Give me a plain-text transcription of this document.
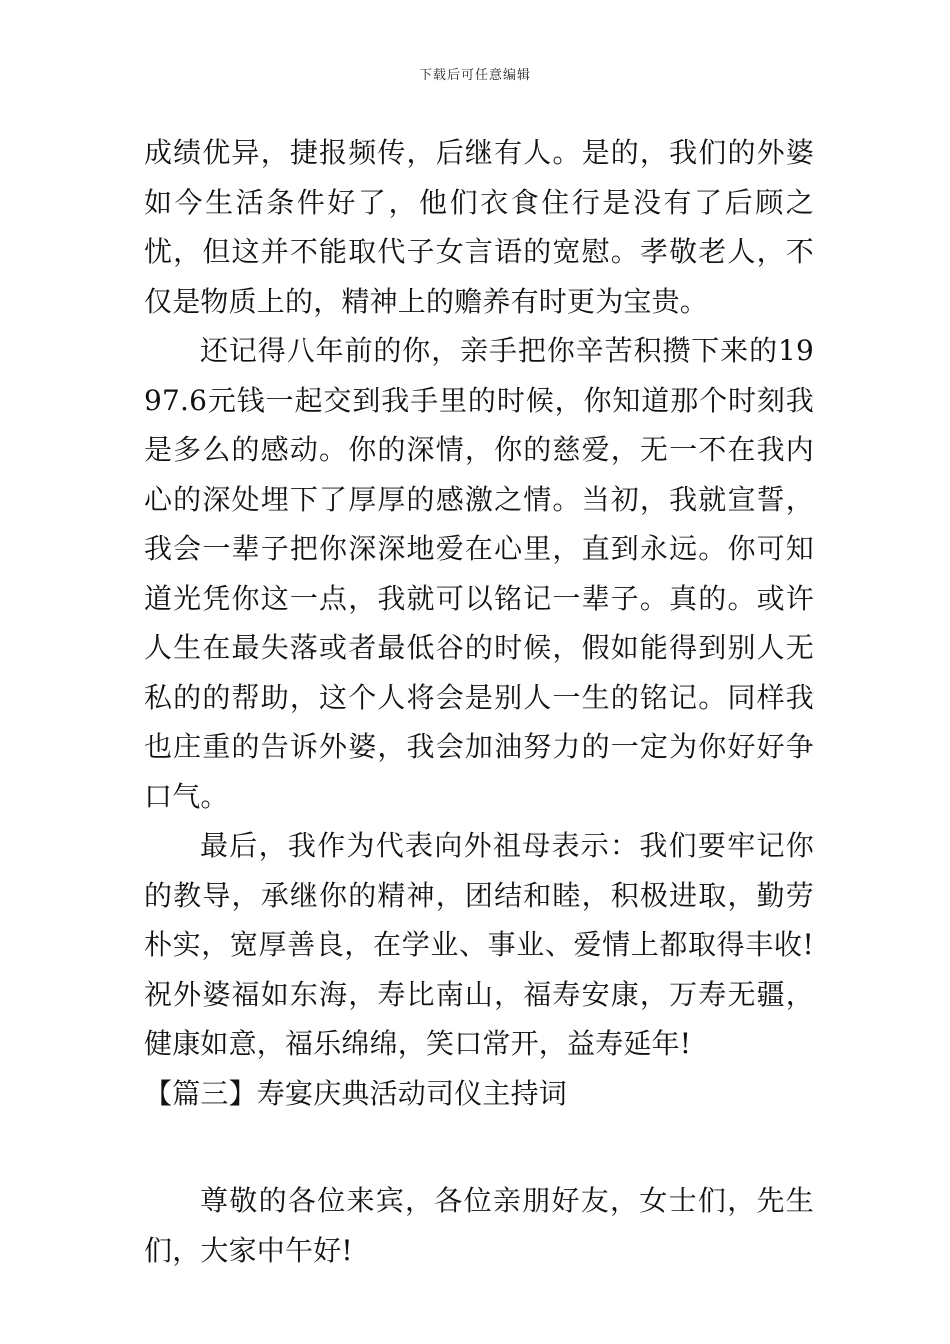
下载后可任意编辑

成绩优异，捷报频传，后继有人。是的，我们的外婆如今生活条件好了，他们衣食住行是没有了后顾之忧，但这并不能取代子女言语的宽慰。孝敬老人，不仅是物质上的，精神上的赡养有时更为宝贵。

还记得八年前的你，亲手把你辛苦积攒下来的1997.6元钱一起交到我手里的时候，你知道那个时刻我是多么的感动。你的深情，你的慈爱，无一不在我内心的深处埋下了厚厚的感激之情。当初，我就宣誓，我会一辈子把你深深地爱在心里，直到永远。你可知道光凭你这一点，我就可以铭记一辈子。真的。或许人生在最失落或者最低谷的时候，假如能得到别人无私的的帮助，这个人将会是别人一生的铭记。同样我也庄重的告诉外婆，我会加油努力的一定为你好好争口气。

最后，我作为代表向外祖母表示：我们要牢记你的教导，承继你的精神，团结和睦，积极进取，勤劳朴实，宽厚善良，在学业、事业、爱情上都取得丰收!祝外婆福如东海，寿比南山，福寿安康，万寿无疆，健康如意，福乐绵绵，笑口常开，益寿延年!

【篇三】寿宴庆典活动司仪主持词

尊敬的各位来宾，各位亲朋好友，女士们，先生们，大家中午好!
